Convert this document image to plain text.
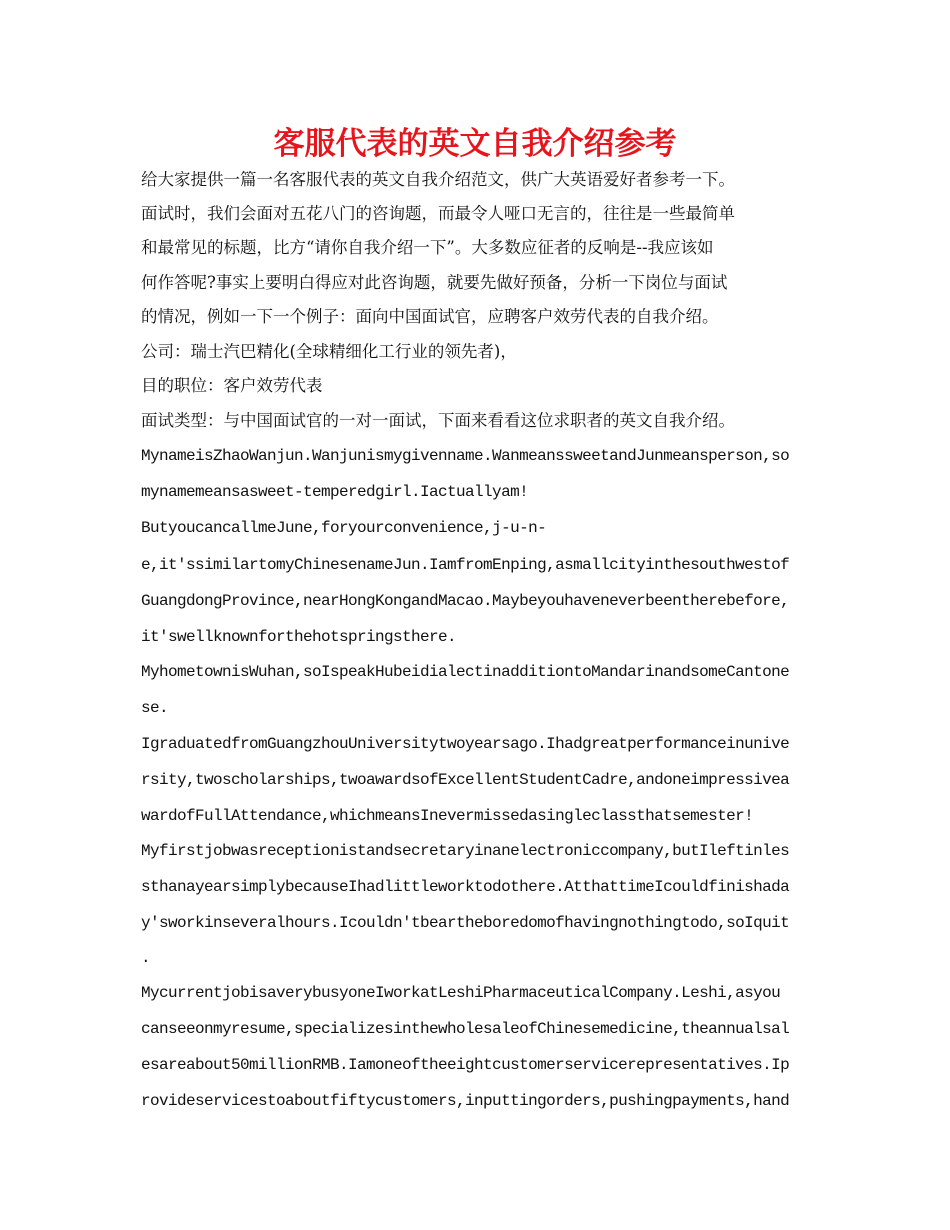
客服代表的英文自我介绍参考
给大家提供一篇一名客服代表的英文自我介绍范文，供广大英语爱好者参考一下。
面试时，我们会面对五花八门的咨询题，而最令人哑口无言的，往往是一些最简单
和最常见的标题，比方“请你自我介绍一下”。大多数应征者的反响是--我应该如
何作答呢?事实上要明白得应对此咨询题，就要先做好预备，分析一下岗位与面试
的情况，例如一下一个例子：面向中国面试官，应聘客户效劳代表的自我介绍。
公司：瑞士汽巴精化(全球精细化工行业的领先者)，
目的职位：客户效劳代表
面试类型：与中国面试官的一对一面试，下面来看看这位求职者的英文自我介绍。
MynameisZhaoWanjun.Wanjunismygivenname.WanmeanssweetandJunmeansperson,so
mynamemeansasweet-temperedgirl.Iactuallyam!
ButyoucancallmeJune,foryourconvenience,j-u-n-
e,it'ssimilartomyChinesenameJun.IamfromEnping,asmallcityinthesouthwestof
GuangdongProvince,nearHongKongandMacao.Maybeyouhaveneverbeentherebefore,
it'swellknownforthehotspringsthere.
MyhometownisWuhan,soIspeakHubeidialectinadditiontoMandarinandsomeCantone
se.
IgraduatedfromGuangzhouUniversitytwoyearsago.Ihadgreatperformanceinunive
rsity,twoscholarships,twoawardsofExcellentStudentCadre,andoneimpressivea
wardofFullAttendance,whichmeansInevermissedasingleclassthatsemester!
Myfirstjobwasreceptionistandsecretaryinanelectroniccompany,butIleftinles
sthanayearsimplybecauseIhadlittleworktodothere.AtthattimeIcouldfinishada
y'sworkinseveralhours.Icouldn'tbeartheboredomofhavingnothingtodo,soIquit
.
MycurrentjobisaverybusyoneIworkatLeshiPharmaceuticalCompany.Leshi,asyou
canseeonmyresume,specializesinthewholesaleofChinesemedicine,theannualsal
esareabout50millionRMB.Iamoneoftheeightcustomerservicerepresentatives.Ip
rovideservicestoaboutfiftycustomers,inputtingorders,pushingpayments,hand
